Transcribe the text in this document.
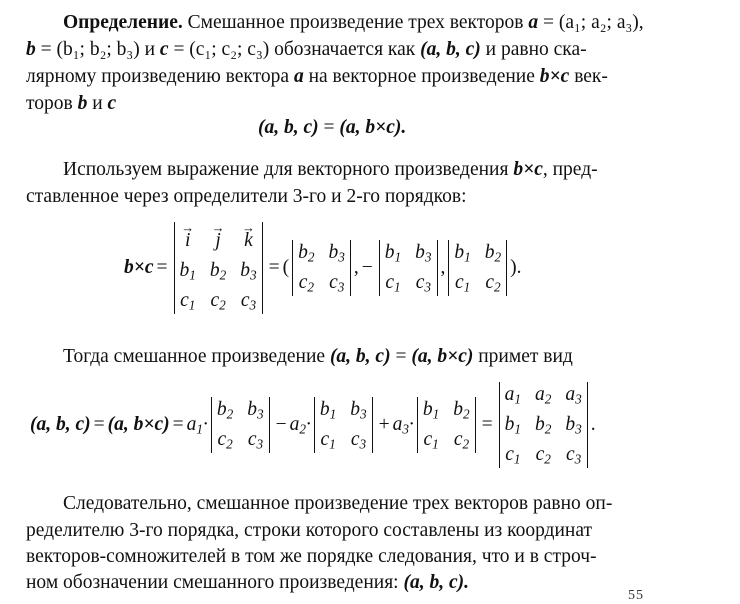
Определение. Смешанное произведение трех векторов a = (a₁; a₂; a₃),
b = (b₁; b₂; b₃) и c = (c₁; c₂; c₃) обозначается как (a, b, c) и равно ска-
лярному произведению вектора a на векторное произведение b×c век-
торов b и c
(a, b, c) = (a, b×c).
Используем выражение для векторного произведения b×c, пред-
ставленное через определители 3-го и 2-го порядков:
b×c =
→ i → j → k
$b_1$ $b_2$ $b_3$
$c_1$ $c_2$ $c_3$
= (
$b_2$ $b_3$
$c_2$ $c_3$
, −
$b_1$ $b_3$
$c_1$ $c_3$
,
$b_1$ $b_2$
$c_1$ $c_2$
).
Тогда смешанное произведение (a, b, c) = (a, b×c) примет вид
(a, b, c) = (a, $b\times c) = a_1\cdot$
$b_2$ $b_3$
$c_2$ $c_3$
− $a_2\cdot$
$b_1$ $b_3$
$c_1$ $c_3$
+ $a_3\cdot$
$b_1$ $b_2$
$c_1$ $c_2$
=
$a_1$ $a_2$ $a_3$
$b_1$ $b_2$ $b_3$
$c_1$ $c_2$ $c_3$
.
Следовательно, смешанное произведение трех векторов равно оп-
ределителю 3-го порядка, строки которого составлены из координат
векторов-сомножителей в том же порядке следования, что и в строч-
ном обозначении смешанного произведения: (a, b, c).
55
